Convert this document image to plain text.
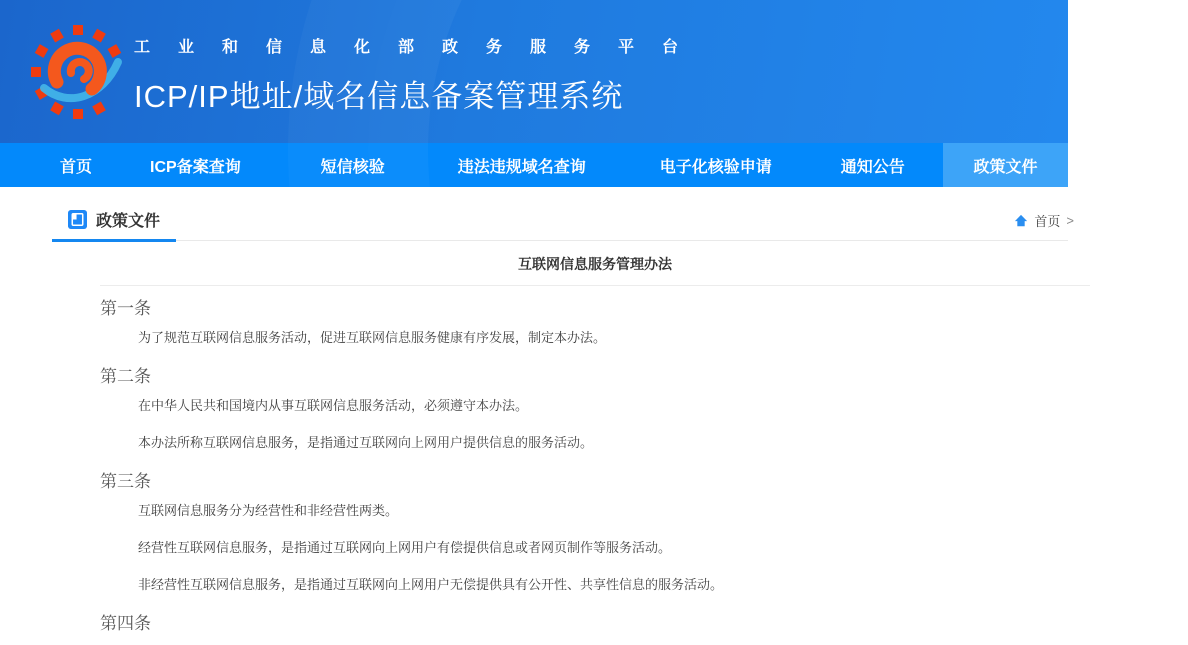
工业和信息化部政务服务平台
ICP/IP地址/域名信息备案管理系统
首页	ICP备案查询	短信核验	违法违规域名查询	电子化核验申请	通知公告	政策文件
政策文件	首页 >
互联网信息服务管理办法
第一条

为了规范互联网信息服务活动，促进互联网信息服务健康有序发展，制定本办法。

第二条

在中华人民共和国境内从事互联网信息服务活动，必须遵守本办法。

本办法所称互联网信息服务，是指通过互联网向上网用户提供信息的服务活动。

第三条

互联网信息服务分为经营性和非经营性两类。

经营性互联网信息服务，是指通过互联网向上网用户有偿提供信息或者网页制作等服务活动。

非经营性互联网信息服务，是指通过互联网向上网用户无偿提供具有公开性、共享性信息的服务活动。

第四条
